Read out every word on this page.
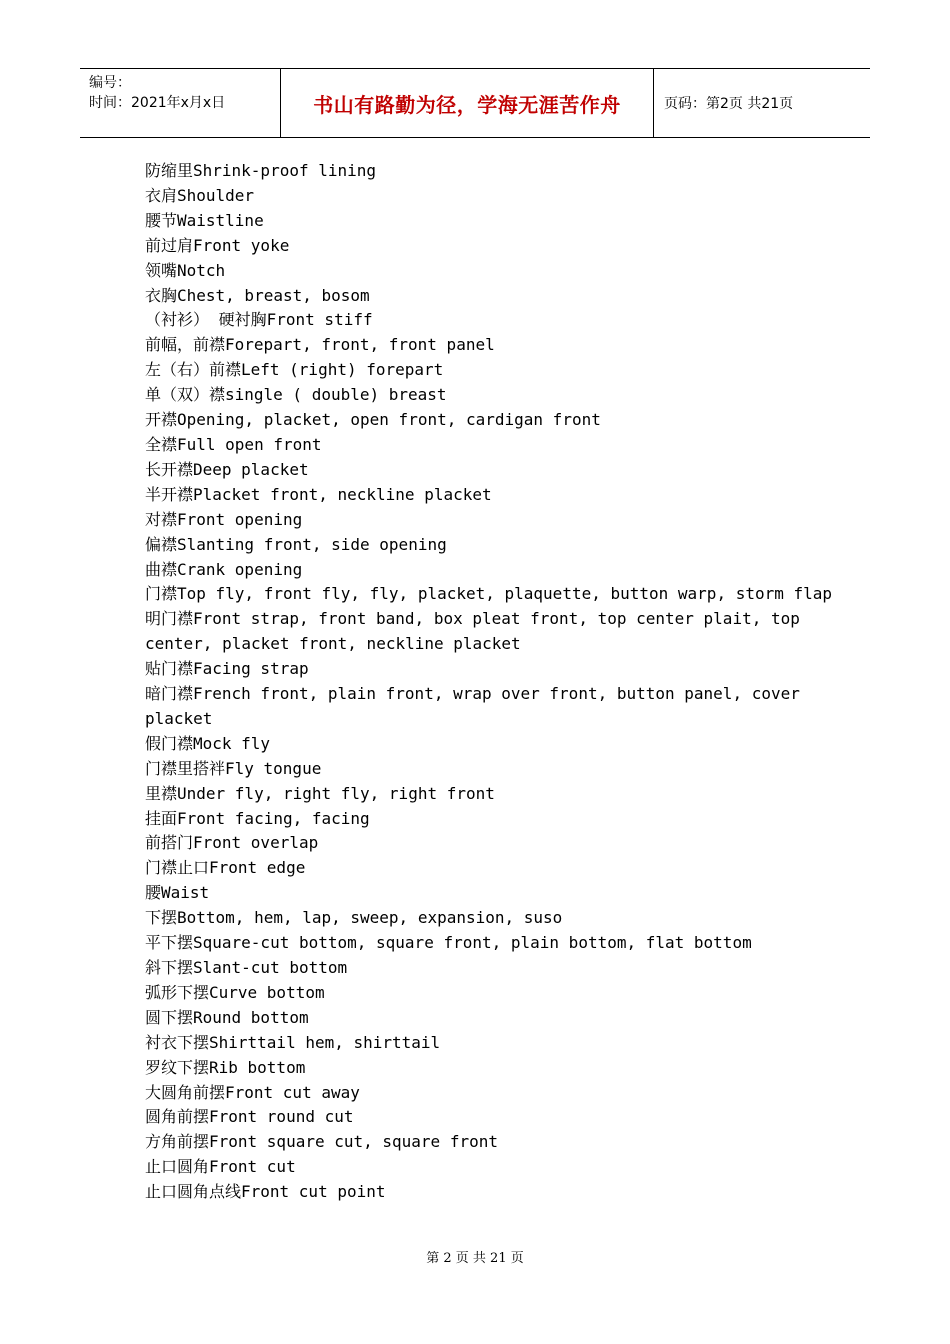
编号：
时间：2021年x月x日	书山有路勤为径，学海无涯苦作舟	页码：第2页 共21页

防缩里Shrink-proof lining

衣肩Shoulder

腰节Waistline

前过肩Front yoke

领嘴Notch

衣胸Chest, breast, bosom

（衬衫） 硬衬胸Front stiff

前幅，前襟Forepart, front, front panel

左（右）前襟Left (right) forepart

单（双）襟single ( double) breast

开襟Opening, placket, open front, cardigan front

全襟Full open front

长开襟Deep placket

半开襟Placket front, neckline placket

对襟Front opening

偏襟Slanting front, side opening

曲襟Crank opening

门襟Top fly, front fly, fly, placket, plaquette, button warp, storm flap

明门襟Front strap, front band, box pleat front, top center plait, top center, placket front, neckline placket

贴门襟Facing strap

暗门襟French front, plain front, wrap over front, button panel, cover placket

假门襟Mock fly

门襟里搭袢Fly tongue

里襟Under fly, right fly, right front

挂面Front facing, facing

前搭门Front overlap

门襟止口Front edge

腰Waist

下摆Bottom, hem, lap, sweep, expansion, suso

平下摆Square-cut bottom, square front, plain bottom, flat bottom

斜下摆Slant-cut bottom

弧形下摆Curve bottom

圆下摆Round bottom

衬衣下摆Shirttail hem, shirttail

罗纹下摆Rib bottom

大圆角前摆Front cut away

圆角前摆Front round cut

方角前摆Front square cut, square front

止口圆角Front cut

止口圆角点线Front cut point

第 2 页 共 21 页
